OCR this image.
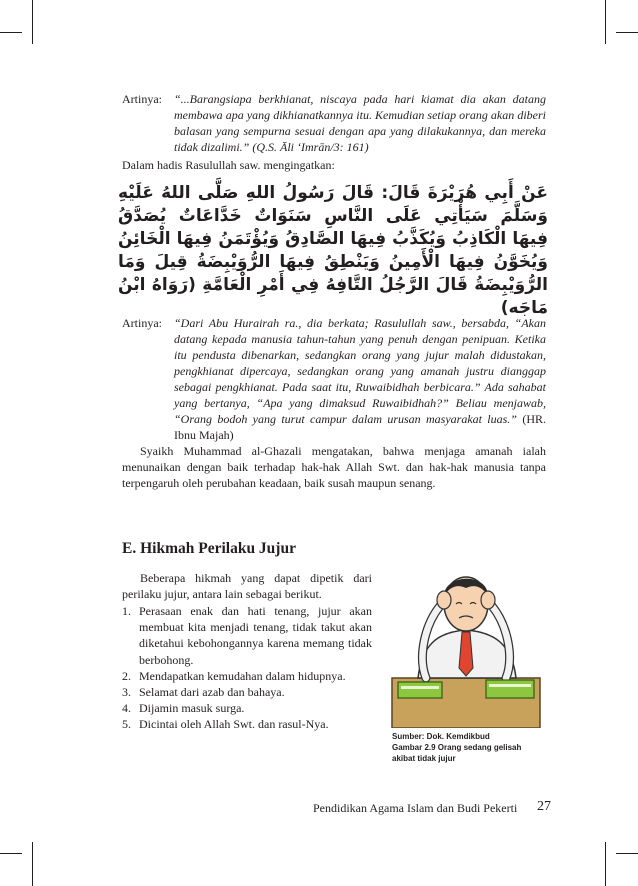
Artinya: “...Barangsiapa berkhianat, niscaya pada hari kiamat dia akan datang membawa apa yang dikhianatkannya itu. Kemudian setiap orang akan diberi balasan yang sempurna sesuai dengan apa yang dilakukannya, dan mereka tidak dizalimi.” (Q.S. Āli ‘Imrān/3: 161)
Dalam hadis Rasulullah saw. mengingatkan:
عَنْ أَبِي هُرَيْرَةَ قَالَ: قَالَ رَسُولُ اللهِ صَلَّى اللهُ عَلَيْهِ وَسَلَّمَ سَيَأْتِي عَلَى النَّاسِ سَنَوَاتٌ خَدَّاعَاتٌ يُصَدَّقُ فِيهَا الْكَاذِبُ وَيُكَذَّبُ فِيهَا الصَّادِقُ وَيُؤْتَمَنُ فِيهَا الْخَائِنُ وَيُخَوَّنُ فِيهَا الْأَمِينُ وَيَنْطِقُ فِيهَا الرُّوَيْبِضَةُ قِيلَ وَمَا الرُّوَيْبِضَةُ قَالَ الرَّجُلُ التَّافِهُ فِي أَمْرِ الْعَامَّةِ (رَوَاهُ ابْنُ مَاجَه)
Artinya: “Dari Abu Hurairah ra., dia berkata; Rasulullah saw., bersabda, “Akan datang kepada manusia tahun-tahun yang penuh dengan penipuan. Ketika itu pendusta dibenarkan, sedangkan orang yang jujur malah didustakan, pengkhianat dipercaya, sedangkan orang yang amanah justru dianggap sebagai pengkhianat. Pada saat itu, Ruwaibidhah berbicara.” Ada sahabat yang bertanya, “Apa yang dimaksud Ruwaibidhah?” Beliau menjawab, “Orang bodoh yang turut campur dalam urusan masyarakat luas.” (HR. Ibnu Majah)
Syaikh Muhammad al-Ghazali mengatakan, bahwa menjaga amanah ialah menunaikan dengan baik terhadap hak-hak Allah Swt. dan hak-hak manusia tanpa terpengaruh oleh perubahan keadaan, baik susah maupun senang.
E. Hikmah Perilaku Jujur
Beberapa hikmah yang dapat dipetik dari perilaku jujur, antara lain sebagai berikut.
1. Perasaan enak dan hati tenang, jujur akan membuat kita menjadi tenang, tidak takut akan diketahui kebohongannya karena memang tidak berbohong.
2. Mendapatkan kemudahan dalam hidupnya.
3. Selamat dari azab dan bahaya.
4. Dijamin masuk surga.
5. Dicintai oleh Allah Swt. dan rasul-Nya.
Sumber: Dok. Kemdikbud
Gambar 2.9 Orang sedang gelisah
akibat tidak jujur
Pendidikan Agama Islam dan Budi Pekerti 27
